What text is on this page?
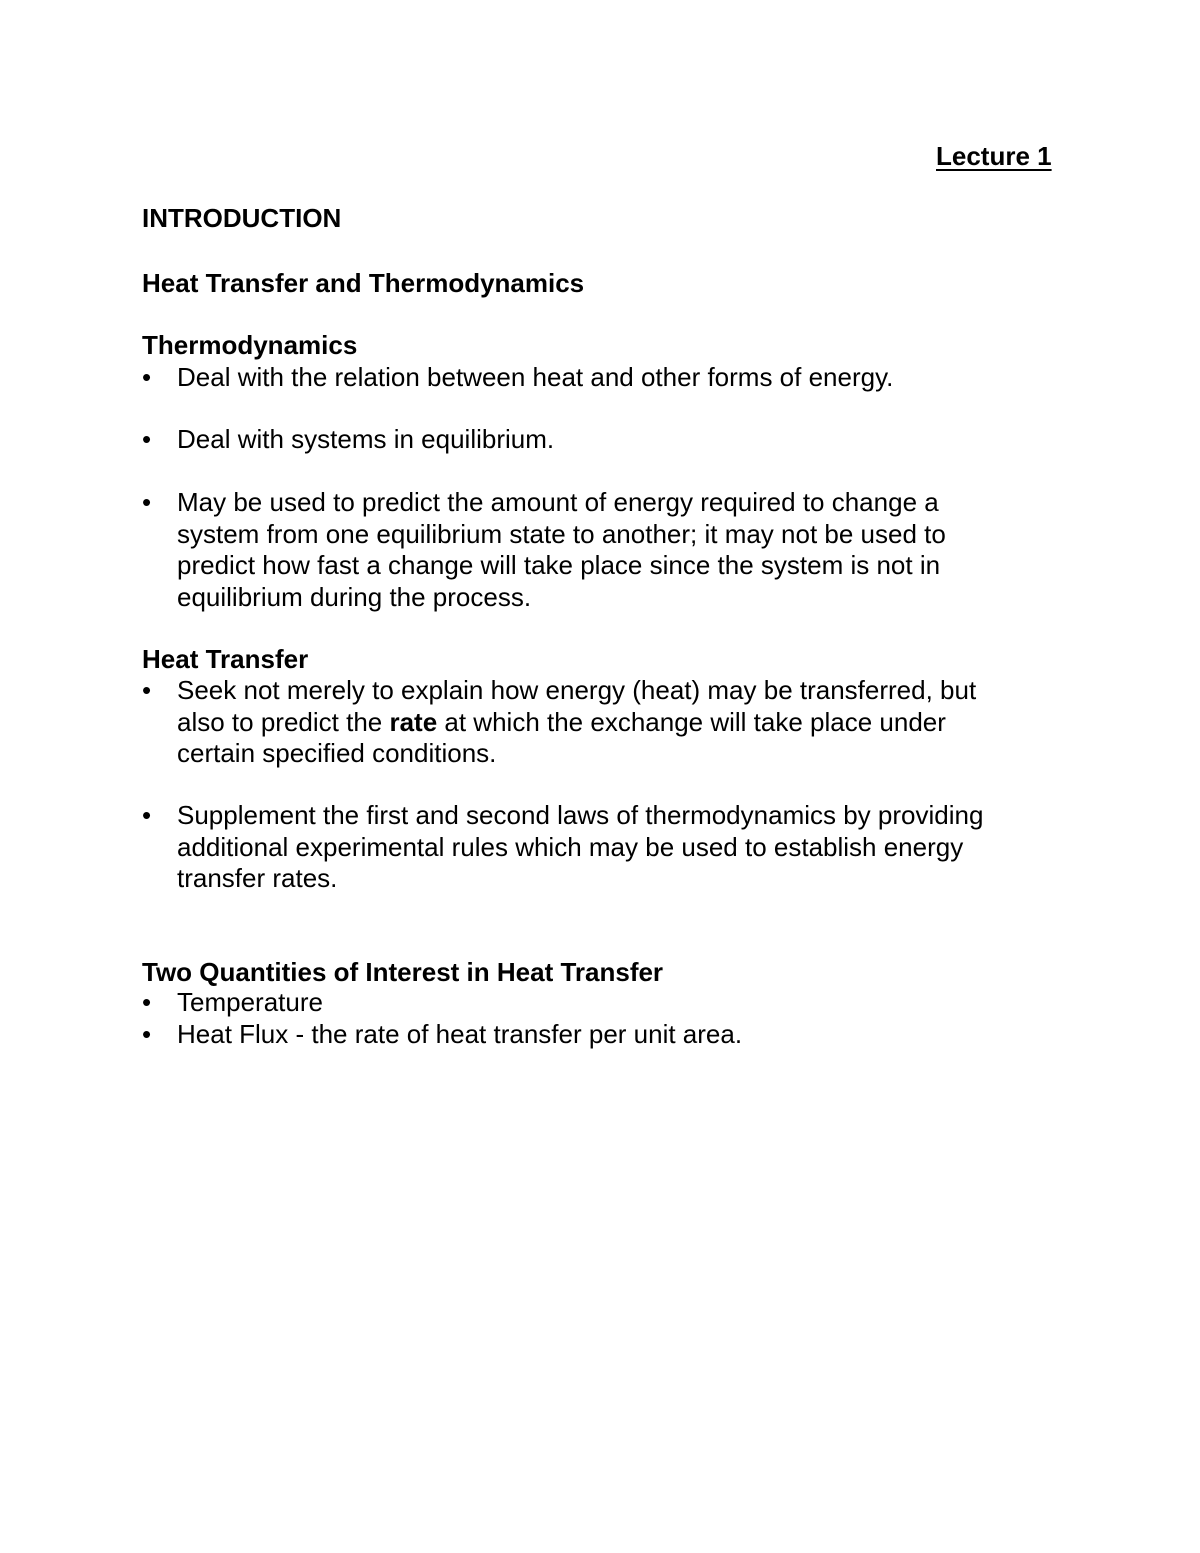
Lecture 1
INTRODUCTION
Heat Transfer and Thermodynamics
Thermodynamics
• Deal with the relation between heat and other forms of energy.
• Deal with systems in equilibrium.
• May be used to predict the amount of energy required to change a
system from one equilibrium state to another; it may not be used to
predict how fast a change will take place since the system is not in
equilibrium during the process.
Heat Transfer
• Seek not merely to explain how energy (heat) may be transferred, but
also to predict the rate at which the exchange will take place under
certain specified conditions.
• Supplement the first and second laws of thermodynamics by providing
additional experimental rules which may be used to establish energy
transfer rates.
Two Quantities of Interest in Heat Transfer
• Temperature
• Heat Flux - the rate of heat transfer per unit area.
